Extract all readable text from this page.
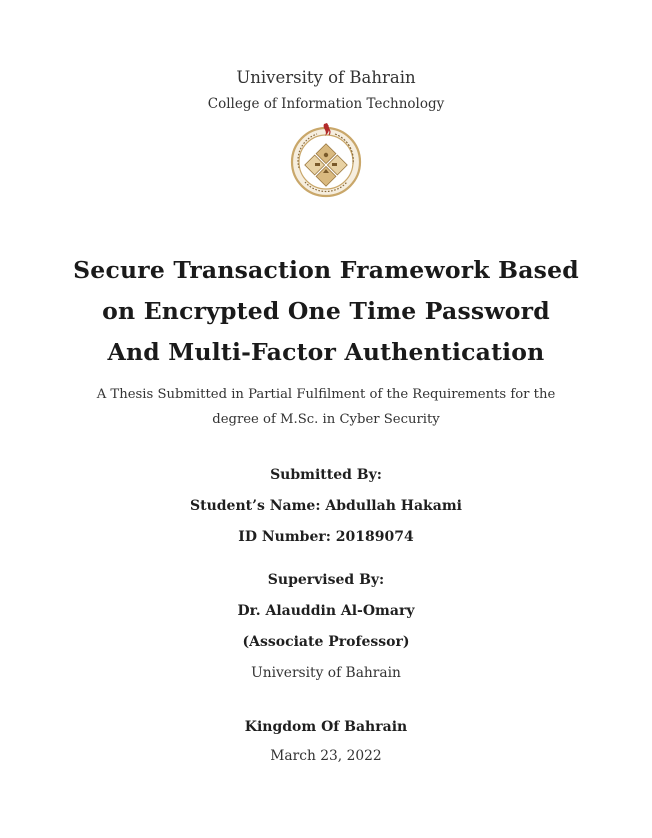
University of Bahrain
College of Information Technology
Secure Transaction Framework Based
on Encrypted One Time Password
And Multi-Factor Authentication
A Thesis Submitted in Partial Fulfilment of the Requirements for the
degree of M.Sc. in Cyber Security
Submitted By:
Student’s Name: Abdullah Hakami
ID Number: 20189074
Supervised By:
Dr. Alauddin Al-Omary
(Associate Professor)
University of Bahrain
Kingdom Of Bahrain
March 23, 2022
